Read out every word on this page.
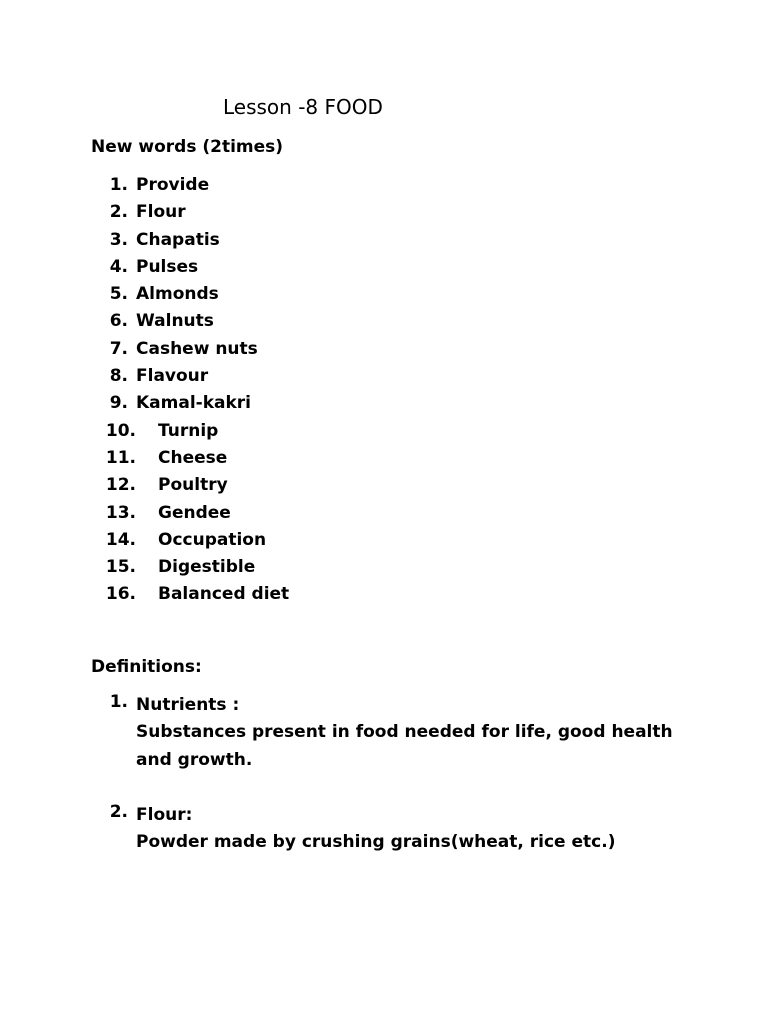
Lesson -8 FOOD
New words (2times)
1. Provide
2. Flour
3. Chapatis
4. Pulses
5. Almonds
6. Walnuts
7. Cashew nuts
8. Flavour
9. Kamal-kakri
10. Turnip
11. Cheese
12. Poultry
13. Gendee
14. Occupation
15. Digestible
16. Balanced diet
Definitions:
1. Nutrients :
Substances present in food needed for life, good health and growth.
2. Flour:
Powder made by crushing grains(wheat, rice etc.)
